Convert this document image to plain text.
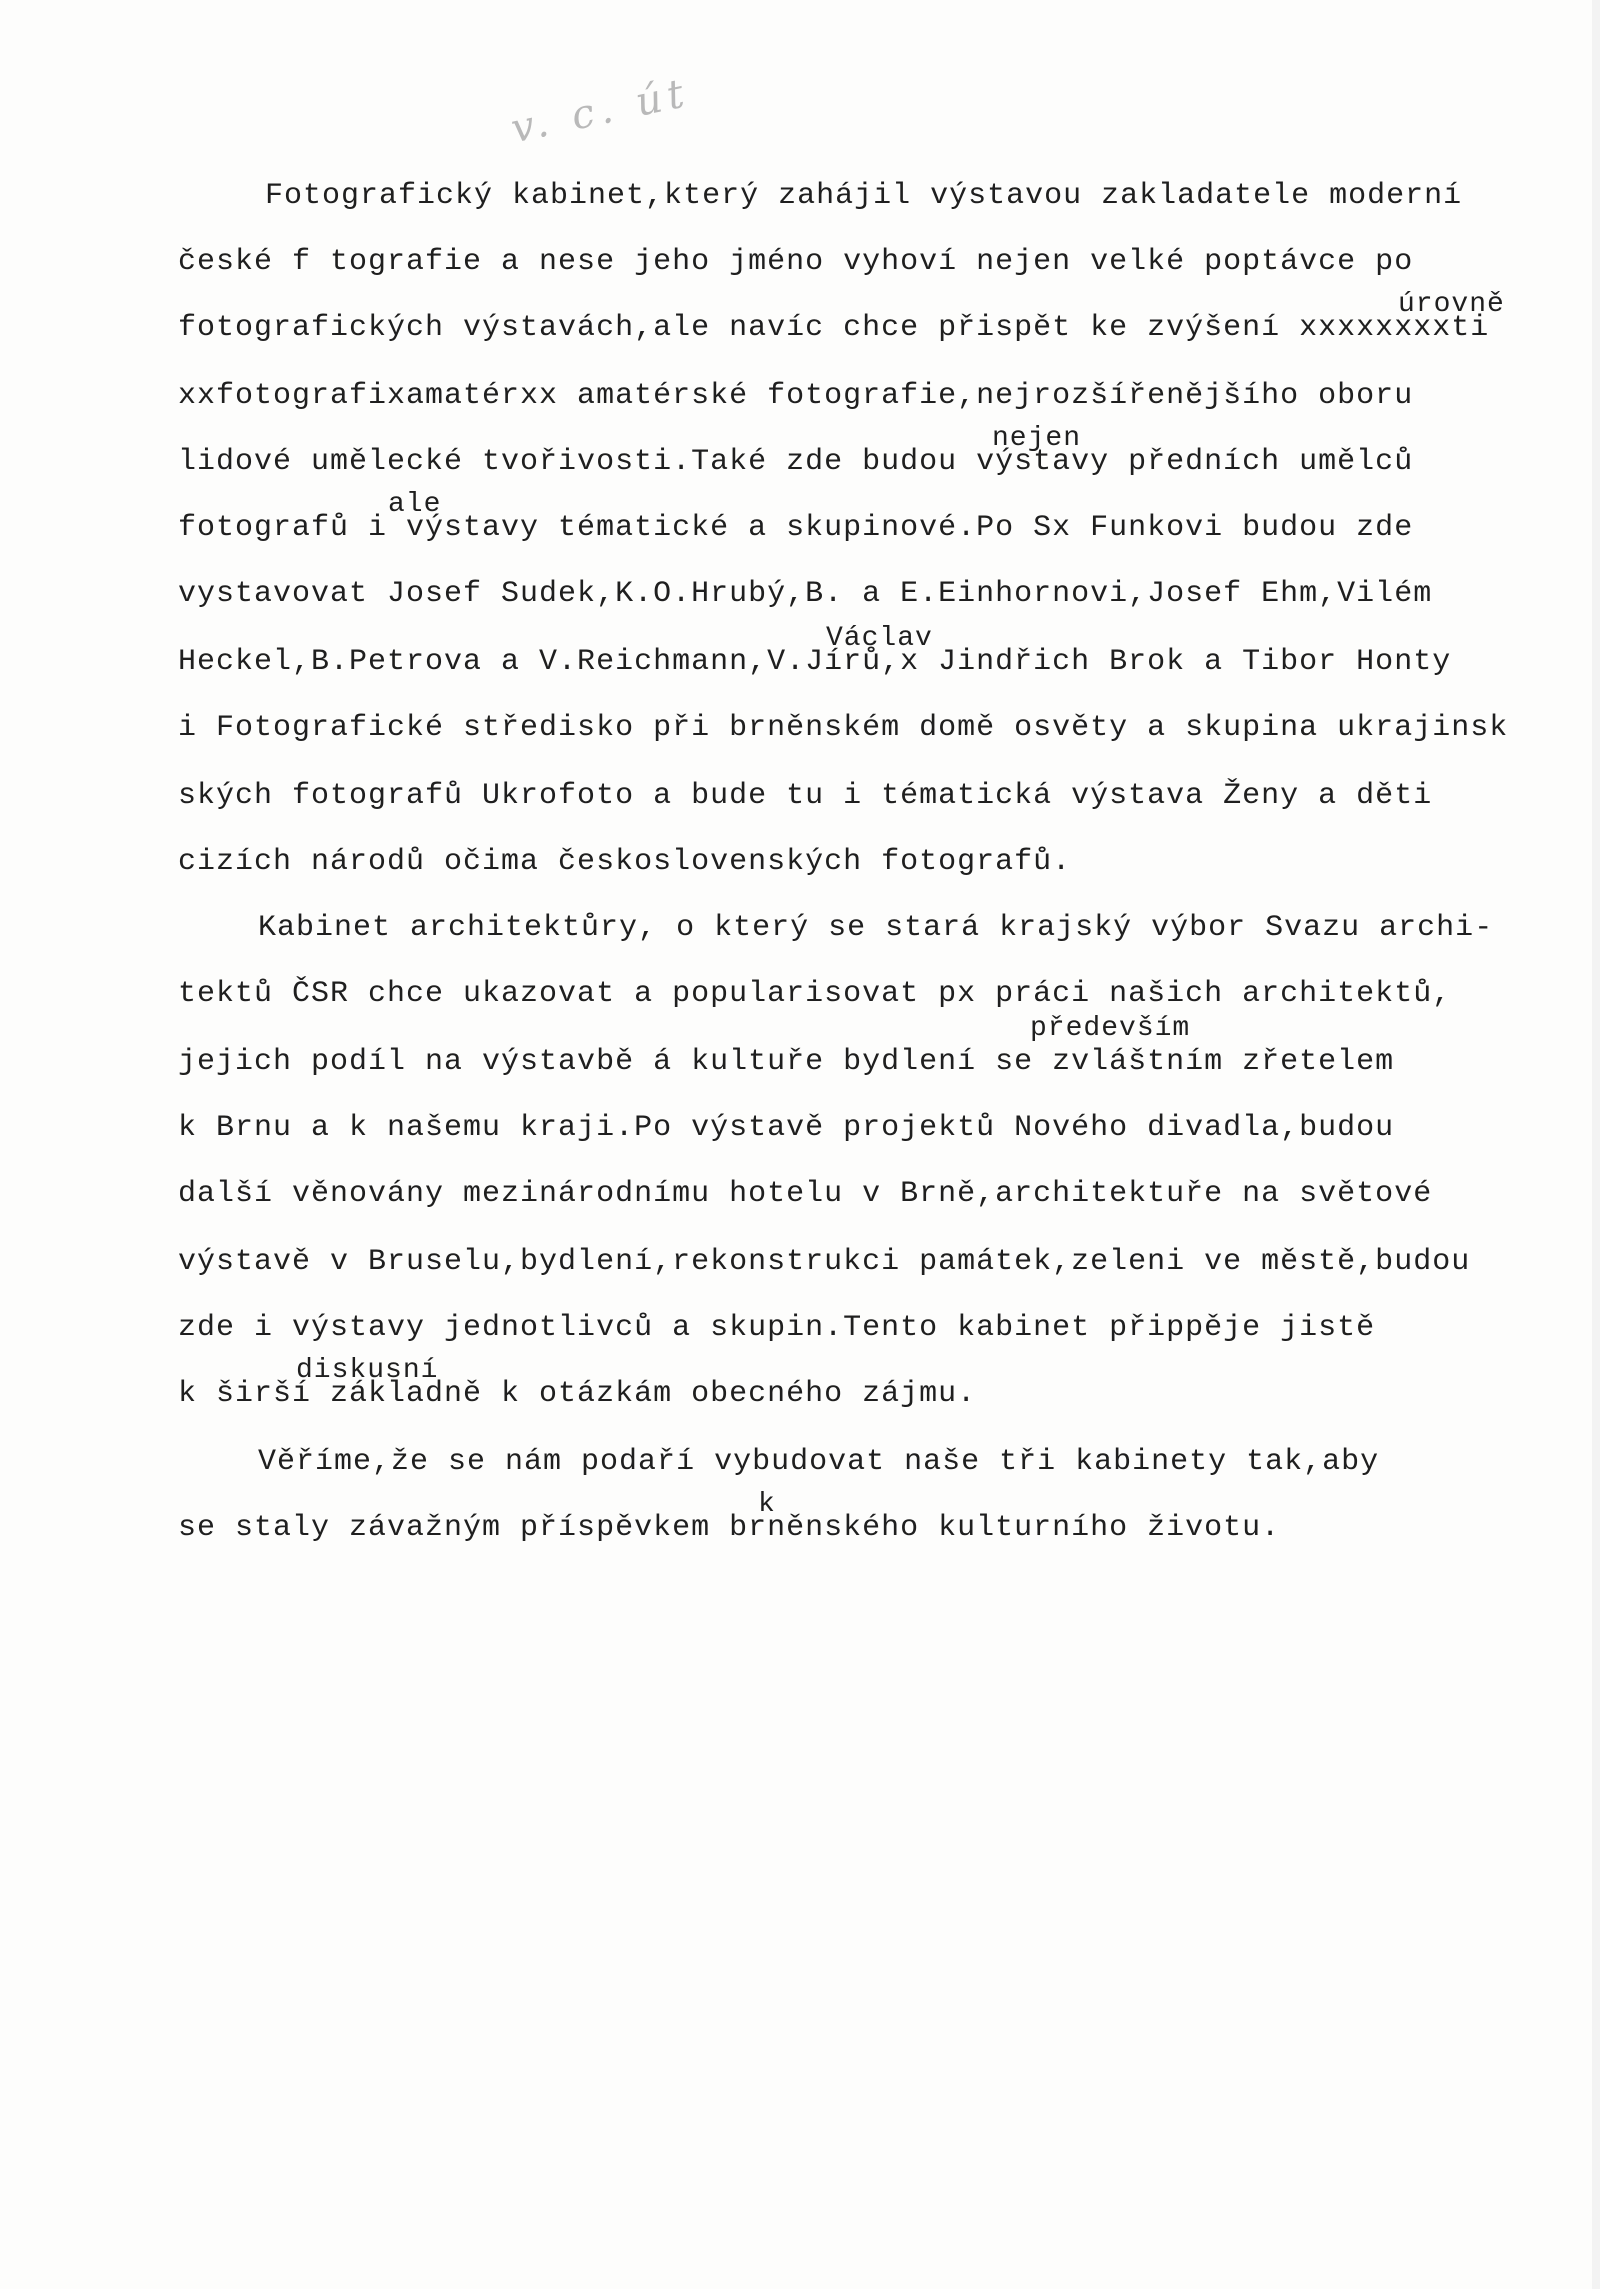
v. c. út

Fotografický kabinet,který zahájil výstavou zakladatele moderní

české f tografie a nese jeho jméno vyhoví nejen velké poptávce po

fotografických výstavách,ale navíc chce přispět ke zvýšení xxxxxxxxti

xxfotografixamatérxx amatérské fotografie,nejrozšířenějšího oboru

lidové umělecké tvořivosti.Také zde budou výstavy předních umělců

fotografů i výstavy tématické a skupinové.Po Sx Funkovi budou zde

vystavovat Josef Sudek,K.O.Hrubý,B. a E.Einhornovi,Josef Ehm,Vilém

Heckel,B.Petrova a V.Reichmann,V.Jírů,x Jindřich Brok a Tibor Honty

i Fotografické středisko při brněnském domě osvěty a skupina ukrajinsk

ských fotografů Ukrofoto a bude tu i tématická výstava Ženy a děti

cizích národů očima československých fotografů.

Kabinet architektůry, o který se stará krajský výbor Svazu archi-

tektů ČSR chce ukazovat a popularisovat px práci našich architektů,

jejich podíl na výstavbě á kultuře bydlení se zvláštním zřetelem

k Brnu a k našemu kraji.Po výstavě projektů Nového divadla,budou

další věnovány mezinárodnímu hotelu v Brně,architektuře na světové

výstavě v Bruselu,bydlení,rekonstrukci památek,zeleni ve městě,budou

zde i výstavy jednotlivců a skupin.Tento kabinet přippěje jistě

k širší základně k otázkám obecného zájmu.

Věříme,že se nám podaří vybudovat naše tři kabinety tak,aby

se staly závažným příspěvkem brněnského kulturního životu.

úrovně

nejen

ale

Václav

především

diskusní

k
